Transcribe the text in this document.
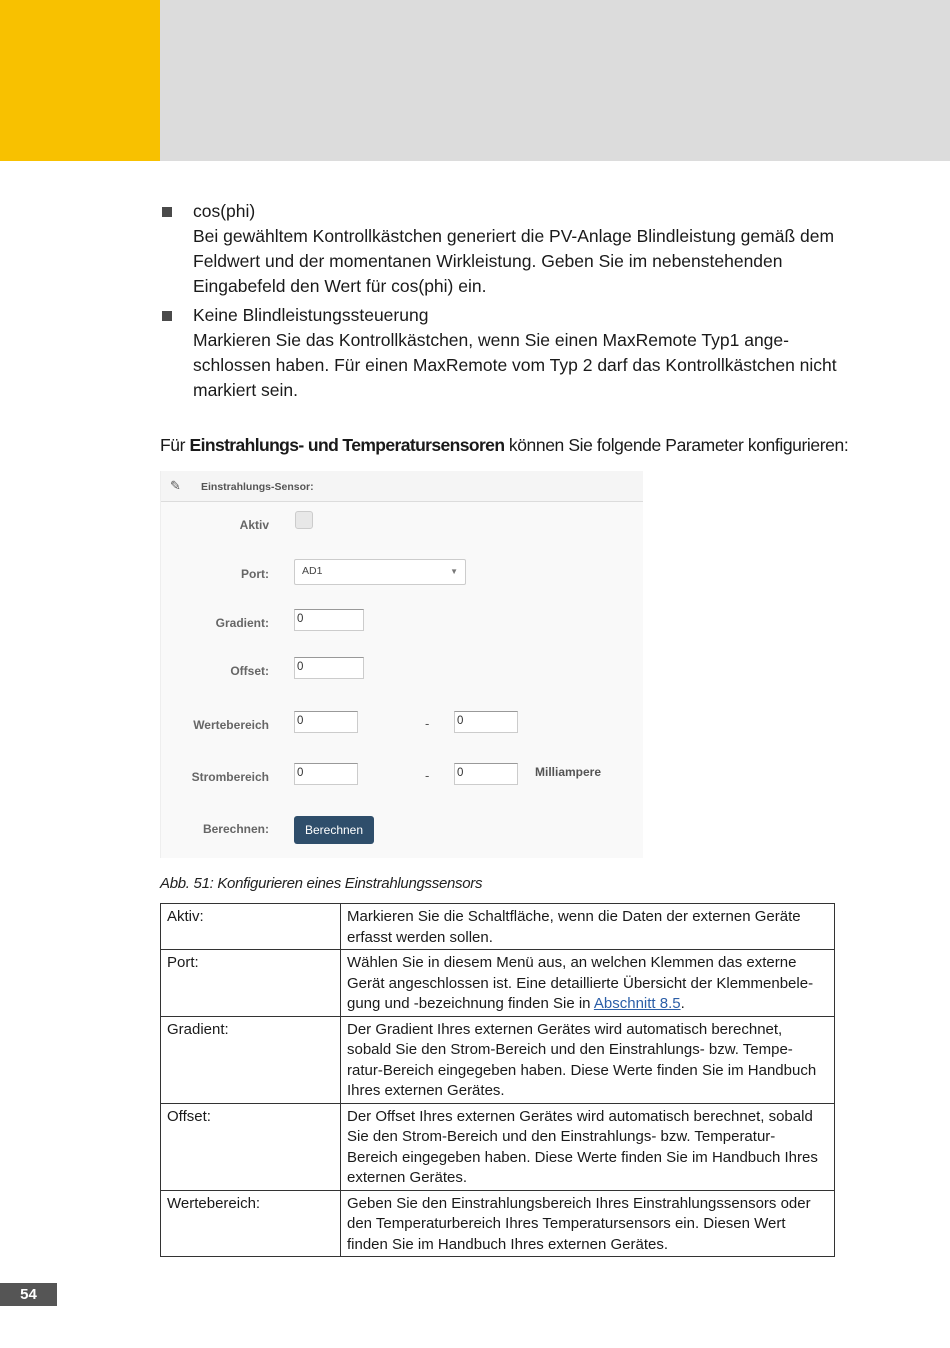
cos(phi)

Bei gewähltem Kontrollkästchen generiert die PV-Anlage Blindleistung gemäß dem

Feldwert und der momentanen Wirkleistung. Geben Sie im nebenstehenden

Eingabefeld den Wert für cos(phi) ein.

Keine Blindleistungssteuerung

Markieren Sie das Kontrollkästchen, wenn Sie einen MaxRemote Typ1 ange-

schlossen haben. Für einen MaxRemote vom Typ 2 darf das Kontrollkästchen nicht

markiert sein.

Für Einstrahlungs- und Temperatursensoren können Sie folgende Parameter konfigurieren:
✎ Einstrahlungs-Sensor:
Aktiv
Port:	AD1	▼
Gradient: 0
Offset: 0
Wertebereich 0	- 0
Strombereich 0	- 0	Milliampere
Berechnen:	Berechnen
Abb. 51: Konfigurieren eines Einstrahlungssensors
Aktiv:	Markieren Sie die Schaltfläche, wenn die Daten der externen Geräte
erfasst werden sollen.
Port:	Wählen Sie in diesem Menü aus, an welchen Klemmen das externe
Gerät angeschlossen ist. Eine detaillierte Übersicht der Klemmenbele-
gung und -bezeichnung finden Sie in Abschnitt 8.5.
Gradient:	Der Gradient Ihres externen Gerätes wird automatisch berechnet,
sobald Sie den Strom-Bereich und den Einstrahlungs- bzw. Tempe-
ratur-Bereich eingegeben haben. Diese Werte finden Sie im Handbuch
Ihres externen Gerätes.
Offset:	Der Offset Ihres externen Gerätes wird automatisch berechnet, sobald
Sie den Strom-Bereich und den Einstrahlungs- bzw. Temperatur-
Bereich eingegeben haben. Diese Werte finden Sie im Handbuch Ihres
externen Gerätes.
Wertebereich:	Geben Sie den Einstrahlungsbereich Ihres Einstrahlungssensors oder
den Temperaturbereich Ihres Temperatursensors ein. Diesen Wert
finden Sie im Handbuch Ihres externen Gerätes.
54
